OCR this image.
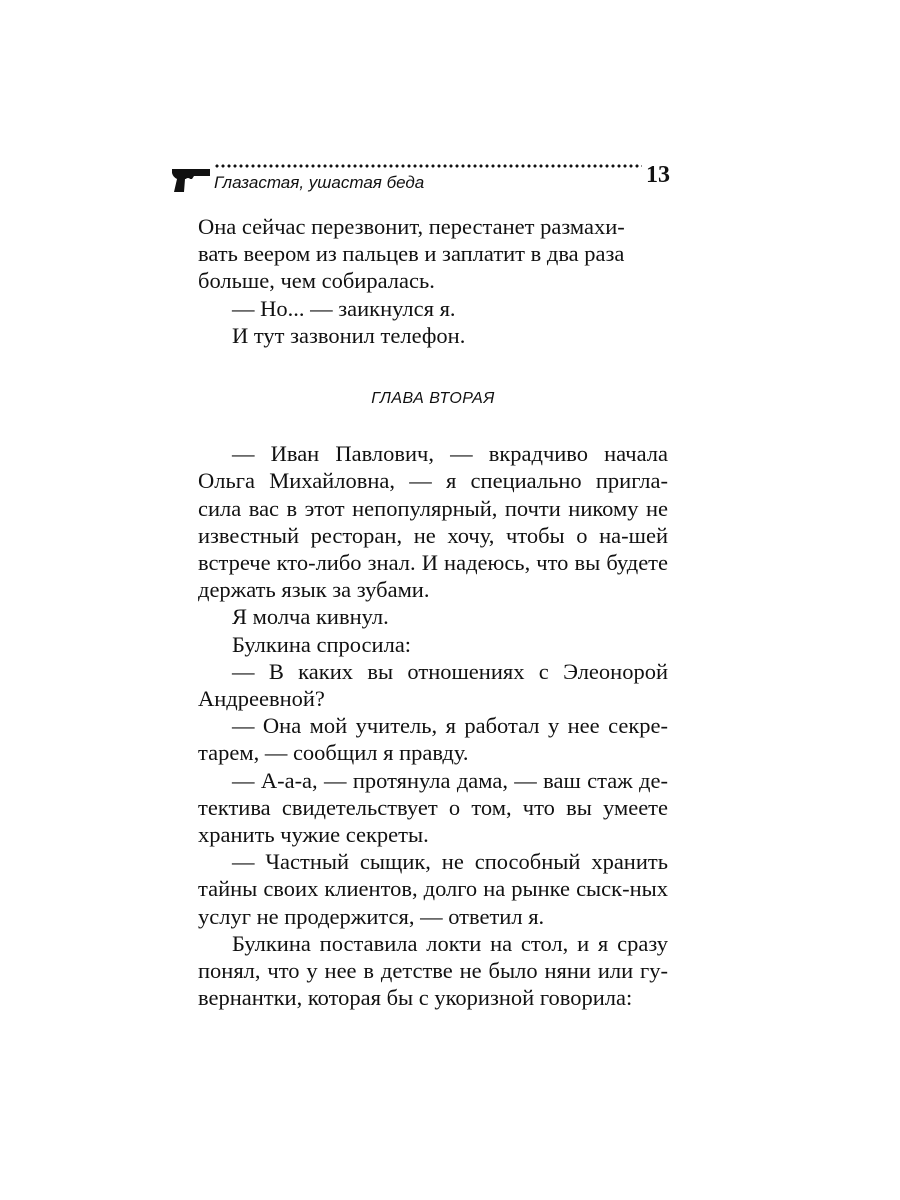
Глазастая, ушастая беда	13

Она сейчас перезвонит, перестанет размахи-

вать веером из пальцев и заплатит в два раза

больше, чем собиралась.

— Но... — заикнулся я.

И тут зазвонил телефон.

ГЛАВА ВТОРАЯ

— Иван Павлович, — вкрадчиво начала Ольга Михайловна, — я специально пригла-сила вас в этот непопулярный, почти никому не известный ресторан, не хочу, чтобы о на-шей встрече кто-либо знал. И надеюсь, что вы будете держать язык за зубами.

Я молча кивнул.

Булкина спросила:

— В каких вы отношениях с Элеонорой Андреевной?

— Она мой учитель, я работал у нее секре-тарем, — сообщил я правду.

— А-а-а, — протянула дама, — ваш стаж де-тектива свидетельствует о том, что вы умеете хранить чужие секреты.

— Частный сыщик, не способный хранить тайны своих клиентов, долго на рынке сыск-ных услуг не продержится, — ответил я.

Булкина поставила локти на стол, и я сразу понял, что у нее в детстве не было няни или гу-вернантки, которая бы с укоризной говорила:
